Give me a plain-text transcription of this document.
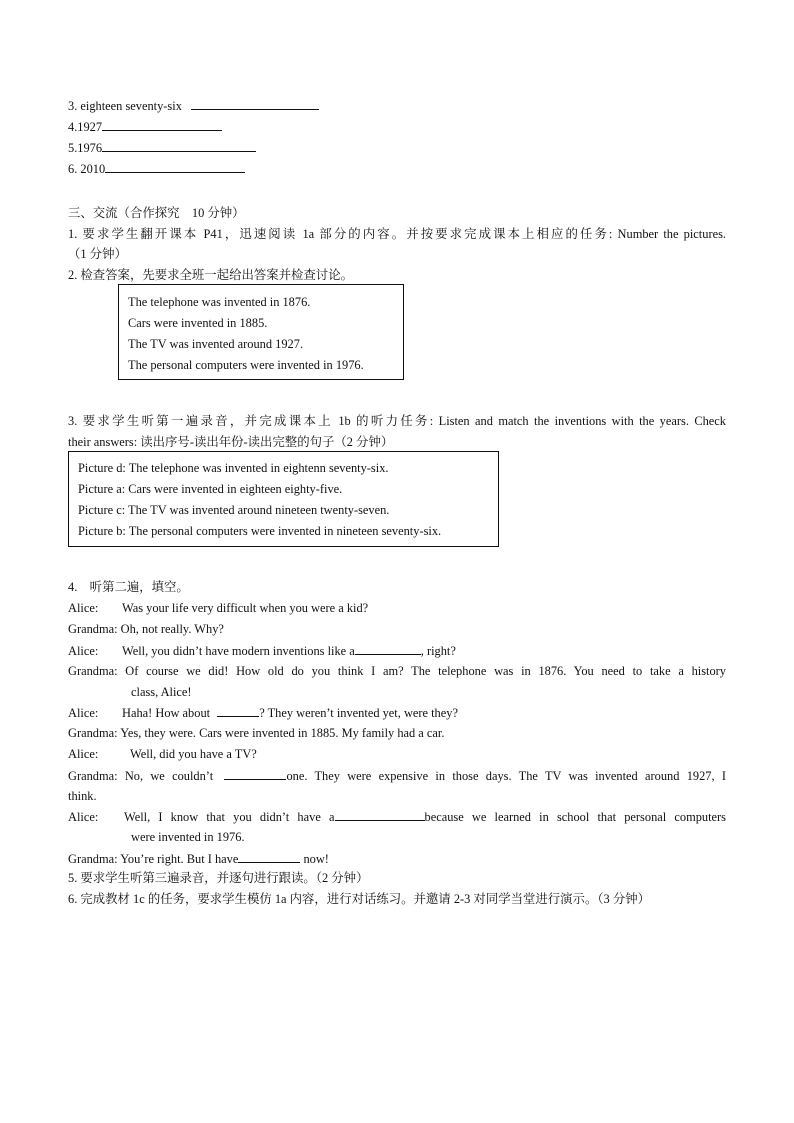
3. eighteen seventy-six
4.1927
5.1976
6. 2010
三、交流（合作探究　10 分钟）
1. 要求学生翻开课本 P41，迅速阅读 1a 部分的内容。并按要求完成课本上相应的任务: Number the pictures.
（1 分钟）
2. 检查答案，先要求全班一起给出答案并检查讨论。
The telephone was invented in 1876.
Cars were invented in 1885.
The TV was invented around 1927.
The personal computers were invented in 1976.
3. 要求学生听第一遍录音，并完成课本上 1b 的听力任务: Listen and match the inventions with the years. Check
their answers: 读出序号-读出年份-读出完整的句子（2 分钟）
Picture d: The telephone was invented in eightenn seventy-six.
Picture a: Cars were invented in eighteen eighty-five.
Picture c: The TV was invented around nineteen twenty-seven.
Picture b: The personal computers were invented in nineteen seventy-six.
4.　听第二遍，填空。
Alice: Was your life very difficult when you were a kid?
Grandma: Oh, not really. Why?
Alice: Well, you didn’t have modern inventions like a	, right?
Grandma: Of course we did! How old do you think I am? The telephone was in 1876. You need to take a history
class, Alice!
Alice: Haha! How about	? They weren’t invented yet, were they?
Grandma: Yes, they were. Cars were invented in 1885. My family had a car.
Alice:	Well, did you have a TV?
Grandma: No, we couldn’t	one. They were expensive in those days. The TV was invented around 1927, I
think.
Alice: Well, I know that you didn’t have a	because we learned in school that personal computers
were invented in 1976.
Grandma: You’re right. But I have	now!
5. 要求学生听第三遍录音，并逐句进行跟读。（2 分钟）
6. 完成教材 1c 的任务，要求学生模仿 1a 内容，进行对话练习。并邀请 2-3 对同学当堂进行演示。（3 分钟）
